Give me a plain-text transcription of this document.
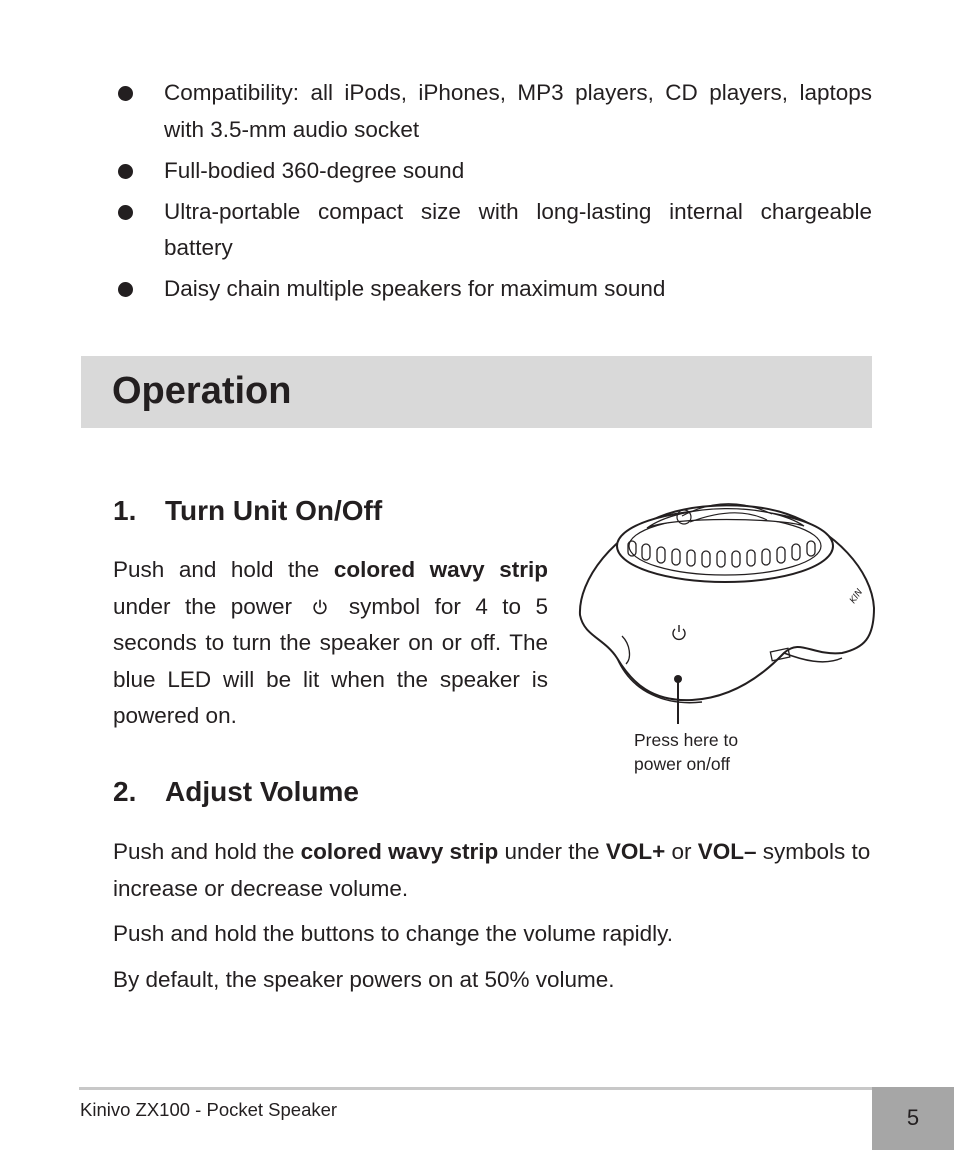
Compatibility: all iPods, iPhones, MP3 players, CD players, laptops with 3.5-mm audio socket
Full-bodied 360-degree sound
Ultra-portable compact size with long-lasting internal chargeable battery
Daisy chain multiple speakers for maximum sound
Operation
1. Turn Unit On/Off

Push and hold the colored wavy strip under the power  symbol for 4 to 5 seconds to turn the speaker on or off. The blue LED will be lit when the speaker is powered on.

KIN
Press here to
power on/off
2. Adjust Volume

Push and hold the colored wavy strip under the VOL+ or VOL– symbols to increase or decrease volume.

Push and hold the buttons to change the volume rapidly.

By default, the speaker powers on at 50% volume.

Kinivo ZX100 - Pocket Speaker	5
